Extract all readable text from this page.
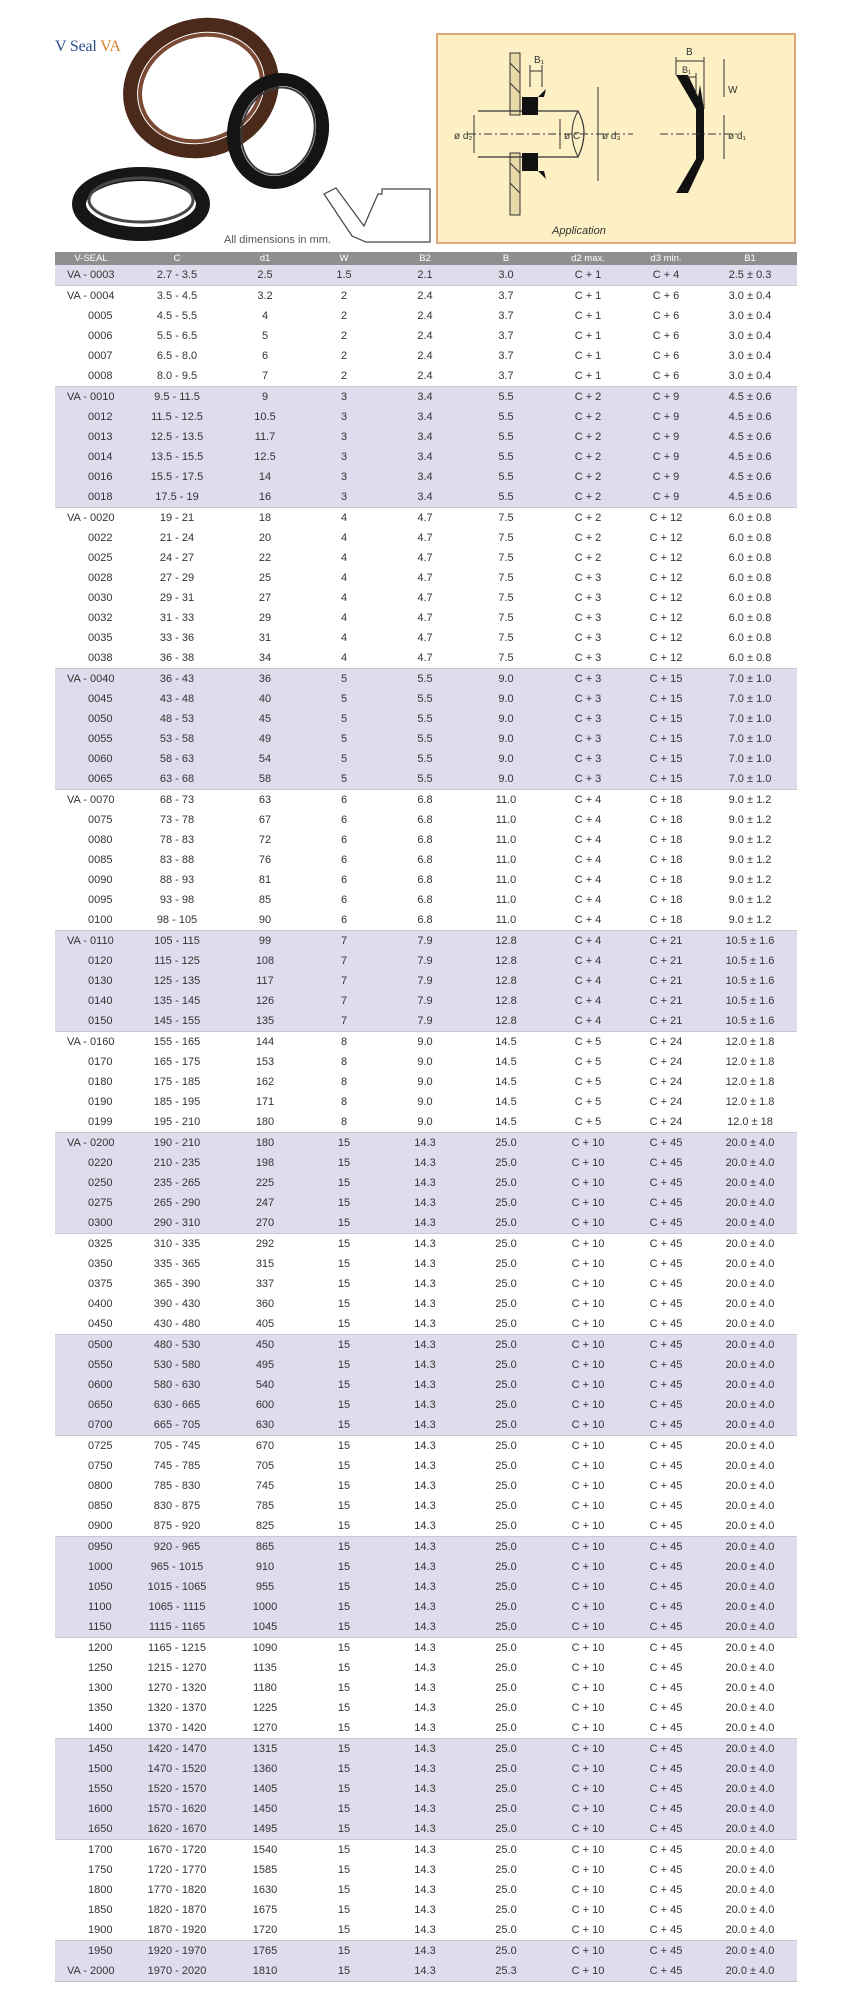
V Seal VA
All dimensions in mm.
B₁
ø d₂	ø C ø d₃
B
B₁
W
ø d₁
Application
V-SEAL	C	d1	W	B2	B	d2 max.	d3 min.	B1
VA - 0003	2.7 - 3.5	2.5	1.5	2.1	3.0	C + 1	C + 4	2.5 ± 0.3
VA - 0004	3.5 - 4.5	3.2	2	2.4	3.7	C + 1	C + 6	3.0 ± 0.4
0005	4.5 - 5.5	4	2	2.4	3.7	C + 1	C + 6	3.0 ± 0.4
0006	5.5 - 6.5	5	2	2.4	3.7	C + 1	C + 6	3.0 ± 0.4
0007	6.5 - 8.0	6	2	2.4	3.7	C + 1	C + 6	3.0 ± 0.4
0008	8.0 - 9.5	7	2	2.4	3.7	C + 1	C + 6	3.0 ± 0.4
VA - 0010	9.5 - 11.5	9	3	3.4	5.5	C + 2	C + 9	4.5 ± 0.6
0012	11.5 - 12.5	10.5	3	3.4	5.5	C + 2	C + 9	4.5 ± 0.6
0013	12.5 - 13.5	11.7	3	3.4	5.5	C + 2	C + 9	4.5 ± 0.6
0014	13.5 - 15.5	12.5	3	3.4	5.5	C + 2	C + 9	4.5 ± 0.6
0016	15.5 - 17.5	14	3	3.4	5.5	C + 2	C + 9	4.5 ± 0.6
0018	17.5 - 19	16	3	3.4	5.5	C + 2	C + 9	4.5 ± 0.6
VA - 0020	19 - 21	18	4	4.7	7.5	C + 2	C + 12	6.0 ± 0.8
0022	21 - 24	20	4	4.7	7.5	C + 2	C + 12	6.0 ± 0.8
0025	24 - 27	22	4	4.7	7.5	C + 2	C + 12	6.0 ± 0.8
0028	27 - 29	25	4	4.7	7.5	C + 3	C + 12	6.0 ± 0.8
0030	29 - 31	27	4	4.7	7.5	C + 3	C + 12	6.0 ± 0.8
0032	31 - 33	29	4	4.7	7.5	C + 3	C + 12	6.0 ± 0.8
0035	33 - 36	31	4	4.7	7.5	C + 3	C + 12	6.0 ± 0.8
0038	36 - 38	34	4	4.7	7.5	C + 3	C + 12	6.0 ± 0.8
VA - 0040	36 - 43	36	5	5.5	9.0	C + 3	C + 15	7.0 ± 1.0
0045	43 - 48	40	5	5.5	9.0	C + 3	C + 15	7.0 ± 1.0
0050	48 - 53	45	5	5.5	9.0	C + 3	C + 15	7.0 ± 1.0
0055	53 - 58	49	5	5.5	9.0	C + 3	C + 15	7.0 ± 1.0
0060	58 - 63	54	5	5.5	9.0	C + 3	C + 15	7.0 ± 1.0
0065	63 - 68	58	5	5.5	9.0	C + 3	C + 15	7.0 ± 1.0
VA - 0070	68 - 73	63	6	6.8	11.0	C + 4	C + 18	9.0 ± 1.2
0075	73 - 78	67	6	6.8	11.0	C + 4	C + 18	9.0 ± 1.2
0080	78 - 83	72	6	6.8	11.0	C + 4	C + 18	9.0 ± 1.2
0085	83 - 88	76	6	6.8	11.0	C + 4	C + 18	9.0 ± 1.2
0090	88 - 93	81	6	6.8	11.0	C + 4	C + 18	9.0 ± 1.2
0095	93 - 98	85	6	6.8	11.0	C + 4	C + 18	9.0 ± 1.2
0100	98 - 105	90	6	6.8	11.0	C + 4	C + 18	9.0 ± 1.2
VA - 0110	105 - 115	99	7	7.9	12.8	C + 4	C + 21	10.5 ± 1.6
0120	115 - 125	108	7	7.9	12.8	C + 4	C + 21	10.5 ± 1.6
0130	125 - 135	117	7	7.9	12.8	C + 4	C + 21	10.5 ± 1.6
0140	135 - 145	126	7	7.9	12.8	C + 4	C + 21	10.5 ± 1.6
0150	145 - 155	135	7	7.9	12.8	C + 4	C + 21	10.5 ± 1.6
VA - 0160	155 - 165	144	8	9.0	14.5	C + 5	C + 24	12.0 ± 1.8
0170	165 - 175	153	8	9.0	14.5	C + 5	C + 24	12.0 ± 1.8
0180	175 - 185	162	8	9.0	14.5	C + 5	C + 24	12.0 ± 1.8
0190	185 - 195	171	8	9.0	14.5	C + 5	C + 24	12.0 ± 1.8
0199	195 - 210	180	8	9.0	14.5	C + 5	C + 24	12.0 ± 18
VA - 0200	190 - 210	180	15	14.3	25.0	C + 10	C + 45	20.0 ± 4.0
0220	210 - 235	198	15	14.3	25.0	C + 10	C + 45	20.0 ± 4.0
0250	235 - 265	225	15	14.3	25.0	C + 10	C + 45	20.0 ± 4.0
0275	265 - 290	247	15	14.3	25.0	C + 10	C + 45	20.0 ± 4.0
0300	290 - 310	270	15	14.3	25.0	C + 10	C + 45	20.0 ± 4.0
0325	310 - 335	292	15	14.3	25.0	C + 10	C + 45	20.0 ± 4.0
0350	335 - 365	315	15	14.3	25.0	C + 10	C + 45	20.0 ± 4.0
0375	365 - 390	337	15	14.3	25.0	C + 10	C + 45	20.0 ± 4.0
0400	390 - 430	360	15	14.3	25.0	C + 10	C + 45	20.0 ± 4.0
0450	430 - 480	405	15	14.3	25.0	C + 10	C + 45	20.0 ± 4.0
0500	480 - 530	450	15	14.3	25.0	C + 10	C + 45	20.0 ± 4.0
0550	530 - 580	495	15	14.3	25.0	C + 10	C + 45	20.0 ± 4.0
0600	580 - 630	540	15	14.3	25.0	C + 10	C + 45	20.0 ± 4.0
0650	630 - 665	600	15	14.3	25.0	C + 10	C + 45	20.0 ± 4.0
0700	665 - 705	630	15	14.3	25.0	C + 10	C + 45	20.0 ± 4.0
0725	705 - 745	670	15	14.3	25.0	C + 10	C + 45	20.0 ± 4.0
0750	745 - 785	705	15	14.3	25.0	C + 10	C + 45	20.0 ± 4.0
0800	785 - 830	745	15	14.3	25.0	C + 10	C + 45	20.0 ± 4.0
0850	830 - 875	785	15	14.3	25.0	C + 10	C + 45	20.0 ± 4.0
0900	875 - 920	825	15	14.3	25.0	C + 10	C + 45	20.0 ± 4.0
0950	920 - 965	865	15	14.3	25.0	C + 10	C + 45	20.0 ± 4.0
1000	965 - 1015	910	15	14.3	25.0	C + 10	C + 45	20.0 ± 4.0
1050	1015 - 1065	955	15	14.3	25.0	C + 10	C + 45	20.0 ± 4.0
1100	1065 - 1115	1000	15	14.3	25.0	C + 10	C + 45	20.0 ± 4.0
1150	1115 - 1165	1045	15	14.3	25.0	C + 10	C + 45	20.0 ± 4.0
1200	1165 - 1215	1090	15	14.3	25.0	C + 10	C + 45	20.0 ± 4.0
1250	1215 - 1270	1135	15	14.3	25.0	C + 10	C + 45	20.0 ± 4.0
1300	1270 - 1320	1180	15	14.3	25.0	C + 10	C + 45	20.0 ± 4.0
1350	1320 - 1370	1225	15	14.3	25.0	C + 10	C + 45	20.0 ± 4.0
1400	1370 - 1420	1270	15	14.3	25.0	C + 10	C + 45	20.0 ± 4.0
1450	1420 - 1470	1315	15	14.3	25.0	C + 10	C + 45	20.0 ± 4.0
1500	1470 - 1520	1360	15	14.3	25.0	C + 10	C + 45	20.0 ± 4.0
1550	1520 - 1570	1405	15	14.3	25.0	C + 10	C + 45	20.0 ± 4.0
1600	1570 - 1620	1450	15	14.3	25.0	C + 10	C + 45	20.0 ± 4.0
1650	1620 - 1670	1495	15	14.3	25.0	C + 10	C + 45	20.0 ± 4.0
1700	1670 - 1720	1540	15	14.3	25.0	C + 10	C + 45	20.0 ± 4.0
1750	1720 - 1770	1585	15	14.3	25.0	C + 10	C + 45	20.0 ± 4.0
1800	1770 - 1820	1630	15	14.3	25.0	C + 10	C + 45	20.0 ± 4.0
1850	1820 - 1870	1675	15	14.3	25.0	C + 10	C + 45	20.0 ± 4.0
1900	1870 - 1920	1720	15	14.3	25.0	C + 10	C + 45	20.0 ± 4.0
1950	1920 - 1970	1765	15	14.3	25.0	C + 10	C + 45	20.0 ± 4.0
VA - 2000	1970 - 2020	1810	15	14.3	25.3	C + 10	C + 45	20.0 ± 4.0
